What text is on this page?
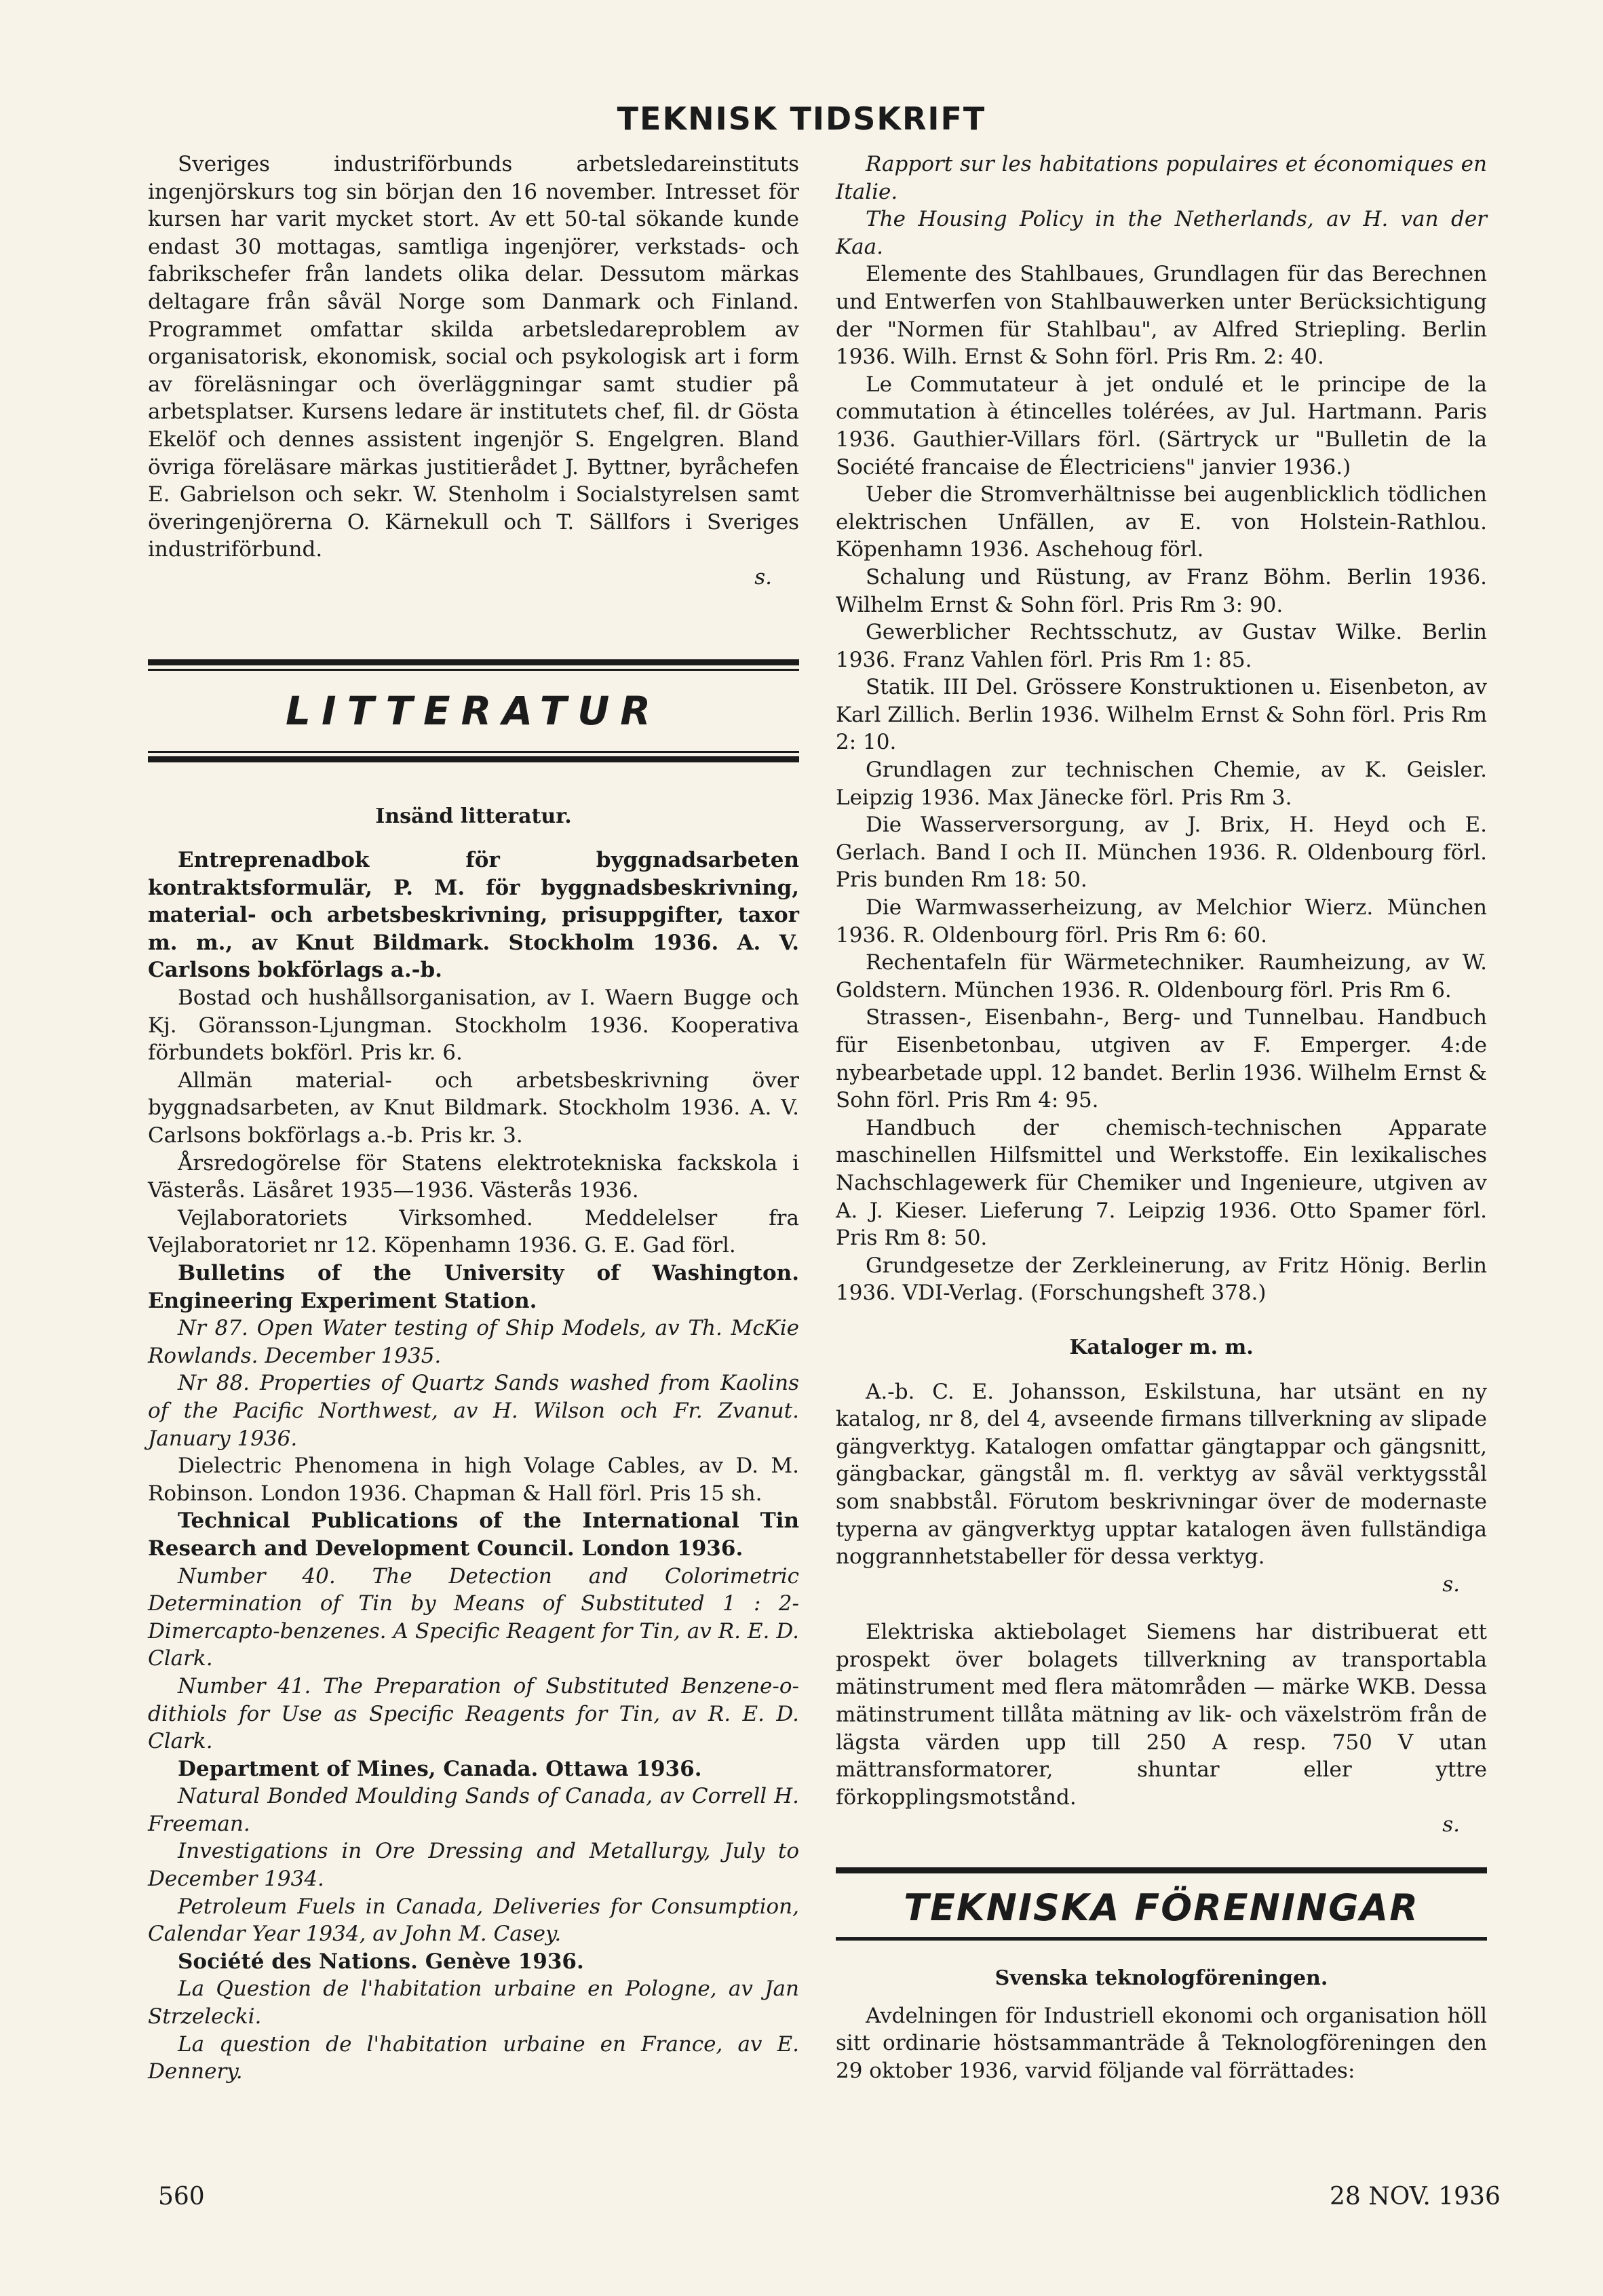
TEKNISK TIDSKRIFT

Sveriges industriförbunds arbetsledareinstituts ingenjörskurs tog sin början den 16 november. Intresset för kursen har varit mycket stort. Av ett 50-tal sökande kunde endast 30 mottagas, samtliga ingenjörer, verkstads- och fabrikschefer från landets olika delar. Dessutom märkas deltagare från såväl Norge som Danmark och Finland. Programmet omfattar skilda arbetsledareproblem av organisatorisk, ekonomisk, social och psykologisk art i form av föreläsningar och överläggningar samt studier på arbetsplatser. Kursens ledare är institutets chef, fil. dr Gösta Ekelöf och dennes assistent ingenjör S. Engelgren. Bland övriga föreläsare märkas justitierådet J. Byttner, byråchefen E. Gabrielson och sekr. W. Stenholm i Socialstyrelsen samt överingenjörerna O. Kärnekull och T. Sällfors i Sveriges industriförbund.

s.

LITTERATUR

Insänd litteratur.

Entreprenadbok för byggnadsarbeten kontraktsformulär, P. M. för byggnadsbeskrivning, material- och arbetsbeskrivning, prisuppgifter, taxor m. m., av Knut Bildmark. Stockholm 1936. A. V. Carlsons bokförlags a.-b.

Bostad och hushållsorganisation, av I. Waern Bugge och Kj. Göransson-Ljungman. Stockholm 1936. Kooperativa förbundets bokförl. Pris kr. 6.

Allmän material- och arbetsbeskrivning över byggnadsarbeten, av Knut Bildmark. Stockholm 1936. A. V. Carlsons bokförlags a.-b. Pris kr. 3.

Årsredogörelse för Statens elektrotekniska fackskola i Västerås. Läsåret 1935—1936. Västerås 1936.

Vejlaboratoriets Virksomhed. Meddelelser fra Vejlaboratoriet nr 12. Köpenhamn 1936. G. E. Gad förl.

Bulletins of the University of Washington. Engineering Experiment Station.

Nr 87. Open Water testing of Ship Models, av Th. McKie Rowlands. December 1935.

Nr 88. Properties of Quartz Sands washed from Kaolins of the Pacific Northwest, av H. Wilson och Fr. Zvanut. January 1936.

Dielectric Phenomena in high Volage Cables, av D. M. Robinson. London 1936. Chapman & Hall förl. Pris 15 sh.

Technical Publications of the International Tin Research and Development Council. London 1936.

Number 40. The Detection and Colorimetric Determination of Tin by Means of Substituted 1 : 2-Dimercapto-benzenes. A Specific Reagent for Tin, av R. E. D. Clark.

Number 41. The Preparation of Substituted Benzene-o-dithiols for Use as Specific Reagents for Tin, av R. E. D. Clark.

Department of Mines, Canada. Ottawa 1936.

Natural Bonded Moulding Sands of Canada, av Correll H. Freeman.

Investigations in Ore Dressing and Metallurgy, July to December 1934.

Petroleum Fuels in Canada, Deliveries for Consumption, Calendar Year 1934, av John M. Casey.

Société des Nations. Genève 1936.

La Question de l'habitation urbaine en Pologne, av Jan Strzelecki.

La question de l'habitation urbaine en France, av E. Dennery.

Rapport sur les habitations populaires et économiques en Italie.

The Housing Policy in the Netherlands, av H. van der Kaa.

Elemente des Stahlbaues, Grundlagen für das Berechnen und Entwerfen von Stahlbauwerken unter Berücksichtigung der "Normen für Stahlbau", av Alfred Striepling. Berlin 1936. Wilh. Ernst & Sohn förl. Pris Rm. 2: 40.

Le Commutateur à jet ondulé et le principe de la commutation à étincelles tolérées, av Jul. Hartmann. Paris 1936. Gauthier-Villars förl. (Särtryck ur "Bulletin de la Société francaise de Électriciens" janvier 1936.)

Ueber die Stromverhältnisse bei augenblicklich tödlichen elektrischen Unfällen, av E. von Holstein-Rathlou. Köpenhamn 1936. Aschehoug förl.

Schalung und Rüstung, av Franz Böhm. Berlin 1936. Wilhelm Ernst & Sohn förl. Pris Rm 3: 90.

Gewerblicher Rechtsschutz, av Gustav Wilke. Berlin 1936. Franz Vahlen förl. Pris Rm 1: 85.

Statik. III Del. Grössere Konstruktionen u. Eisenbeton, av Karl Zillich. Berlin 1936. Wilhelm Ernst & Sohn förl. Pris Rm 2: 10.

Grundlagen zur technischen Chemie, av K. Geisler. Leipzig 1936. Max Jänecke förl. Pris Rm 3.

Die Wasserversorgung, av J. Brix, H. Heyd och E. Gerlach. Band I och II. München 1936. R. Oldenbourg förl. Pris bunden Rm 18: 50.

Die Warmwasserheizung, av Melchior Wierz. München 1936. R. Oldenbourg förl. Pris Rm 6: 60.

Rechentafeln für Wärmetechniker. Raumheizung, av W. Goldstern. München 1936. R. Oldenbourg förl. Pris Rm 6.

Strassen-, Eisenbahn-, Berg- und Tunnelbau. Handbuch für Eisenbetonbau, utgiven av F. Emperger. 4:de nybearbetade uppl. 12 bandet. Berlin 1936. Wilhelm Ernst & Sohn förl. Pris Rm 4: 95.

Handbuch der chemisch-technischen Apparate maschinellen Hilfsmittel und Werkstoffe. Ein lexikalisches Nachschlagewerk für Chemiker und Ingenieure, utgiven av A. J. Kieser. Lieferung 7. Leipzig 1936. Otto Spamer förl. Pris Rm 8: 50.

Grundgesetze der Zerkleinerung, av Fritz Hönig. Berlin 1936. VDI-Verlag. (Forschungsheft 378.)

Kataloger m. m.

A.-b. C. E. Johansson, Eskilstuna, har utsänt en ny katalog, nr 8, del 4, avseende firmans tillverkning av slipade gängverktyg. Katalogen omfattar gängtappar och gängsnitt, gängbackar, gängstål m. fl. verktyg av såväl verktygsstål som snabbstål. Förutom beskrivningar över de modernaste typerna av gängverktyg upptar katalogen även fullständiga noggrannhetstabeller för dessa verktyg.

s.

Elektriska aktiebolaget Siemens har distribuerat ett prospekt över bolagets tillverkning av transportabla mätinstrument med flera mätområden — märke WKB. Dessa mätinstrument tillåta mätning av lik- och växelström från de lägsta värden upp till 250 A resp. 750 V utan mättransformatorer, shuntar eller yttre förkopplingsmotstånd.

s.

TEKNISKA FÖRENINGAR

Svenska teknologföreningen.

Avdelningen för Industriell ekonomi och organisation höll sitt ordinarie höstsammanträde å Teknologföreningen den 29 oktober 1936, varvid följande val förrättades:

560	28 NOV. 1936
